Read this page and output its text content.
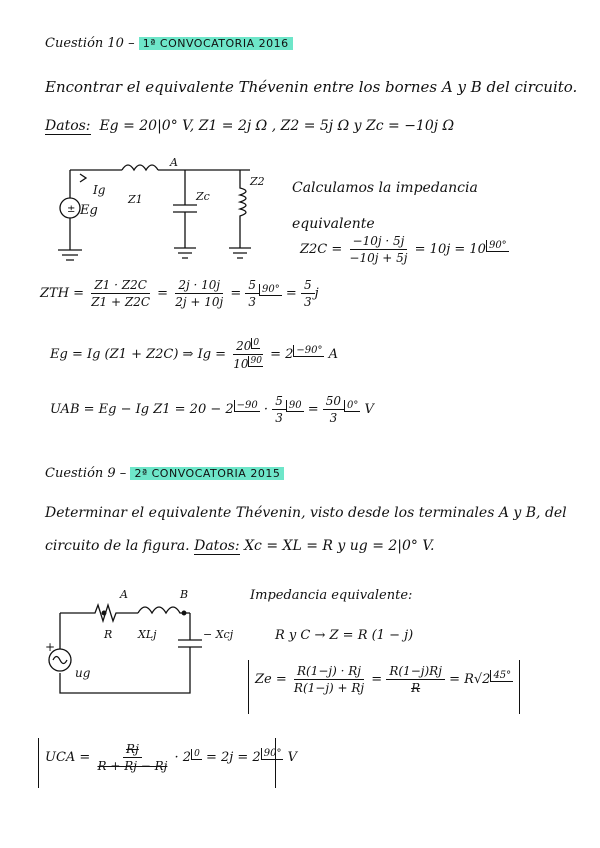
Cuestión 10 – 1ª CONVOCATORIA 2016
Encontrar el equivalente Thévenin entre los bornes A y B del circuito.
Datos: Eg = 20|0° V, Z1 = 2j Ω , Z2 = 5j Ω y Zc = −10j Ω
±
A
Ig
Z1	Zc
Z2
Eg
Calculamos la impedancia equivalente
$Z2C = \frac{-10j \cdot 5j}{-10j + 5j} = 10j = 10$ $^{90^\circ}$
ZTH = $\frac{Z1 \cdot Z2C}{Z1 + Z2C} = \frac{2j \cdot 10j}{2j + 10j} = \frac{5}{3} ^{90^\circ} = \frac{5}{3}$ j
Eg = Ig (Z1 + Z2C) ⇒ $Ig = \frac{20 ^0}{10 ^{90}} = 2$ $^{-90^\circ}$ A
UAB = Eg − Ig Z1 = 20 − 2 $^{-90} \cdot \frac{5}{3} ^{90} = \frac{50}{3} ^{0^\circ}$ V
Cuestión 9 – 2ª CONVOCATORIA 2015
Determinar el equivalente Thévenin, visto desde los terminales A y B, del
circuito de la figura. Datos: Xc = XL = R y ug = 2|0° V.
A	B
R XLj	− Xcj
ug
+
Impedancia equivalente:
R y C → Z = R (1 − j)
$Ze = \frac{R(1-j) \cdot Rj}{R(1-j) + Rj} = \frac{R(1-j)Rj}{R} = R√2$ $^{45^\circ}$
UCA = $\frac{Rj}{R + Rj - Rj} \cdot 2$ $^0$ = 2j = 2 $^{90^\circ}$ V
